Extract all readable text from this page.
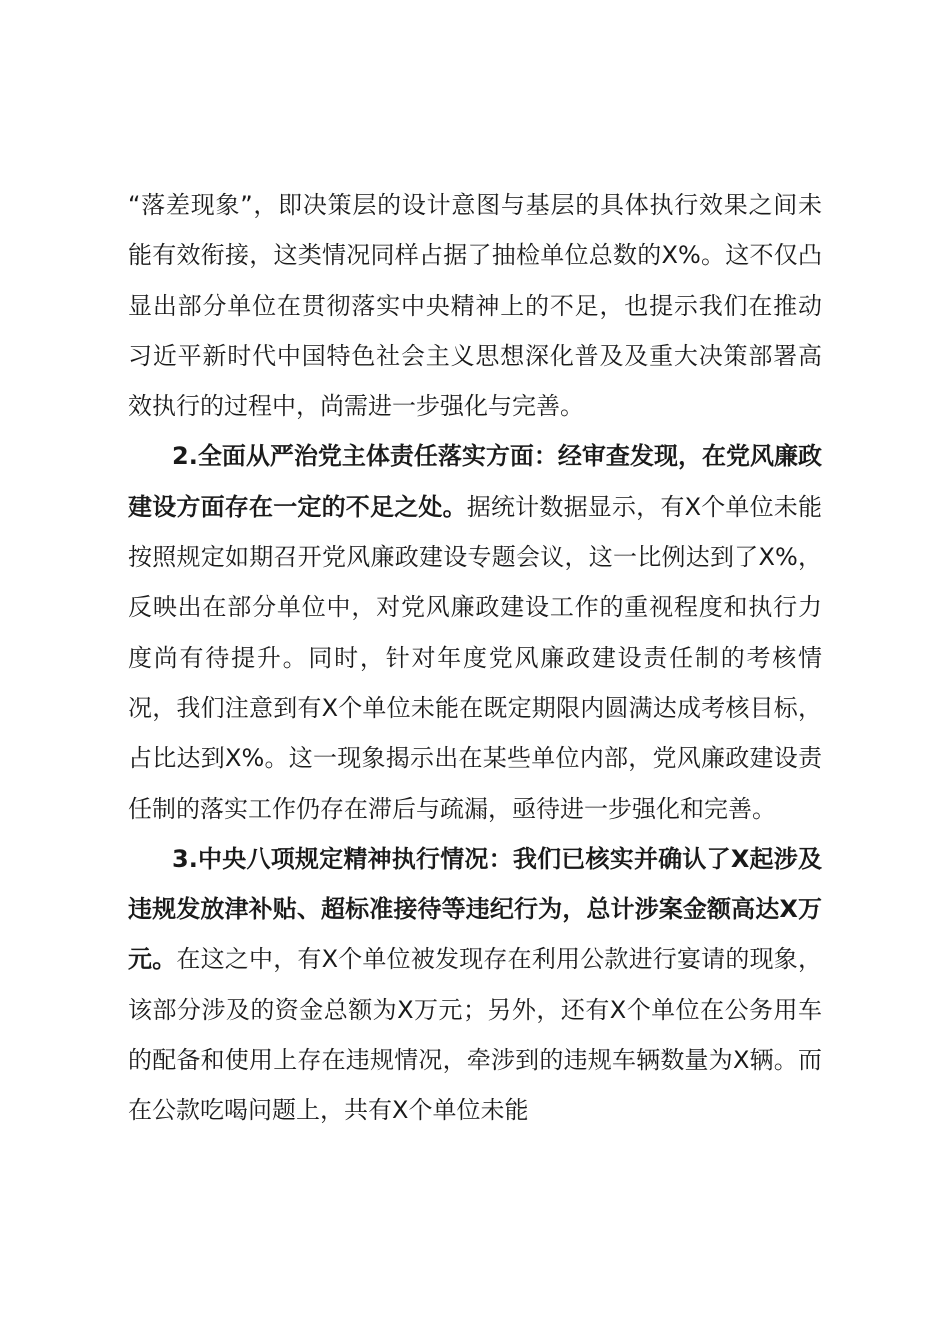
“落差现象”，即决策层的设计意图与基层的具体执行效果之间未能有效衔接，这类情况同样占据了抽检单位总数的X%。这不仅凸显出部分单位在贯彻落实中央精神上的不足，也提示我们在推动习近平新时代中国特色社会主义思想深化普及及重大决策部署高效执行的过程中，尚需进一步强化与完善。

2.全面从严治党主体责任落实方面：经审查发现，在党风廉政建设方面存在一定的不足之处。据统计数据显示，有X个单位未能按照规定如期召开党风廉政建设专题会议，这一比例达到了X%，反映出在部分单位中，对党风廉政建设工作的重视程度和执行力度尚有待提升。同时，针对年度党风廉政建设责任制的考核情况，我们注意到有X个单位未能在既定期限内圆满达成考核目标，占比达到X%。这一现象揭示出在某些单位内部，党风廉政建设责任制的落实工作仍存在滞后与疏漏，亟待进一步强化和完善。

3.中央八项规定精神执行情况：我们已核实并确认了X起涉及违规发放津补贴、超标准接待等违纪行为，总计涉案金额高达X万元。在这之中，有X个单位被发现存在利用公款进行宴请的现象，该部分涉及的资金总额为X万元；另外，还有X个单位在公务用车的配备和使用上存在违规情况，牵涉到的违规车辆数量为X辆。而在公款吃喝问题上，共有X个单位未能
